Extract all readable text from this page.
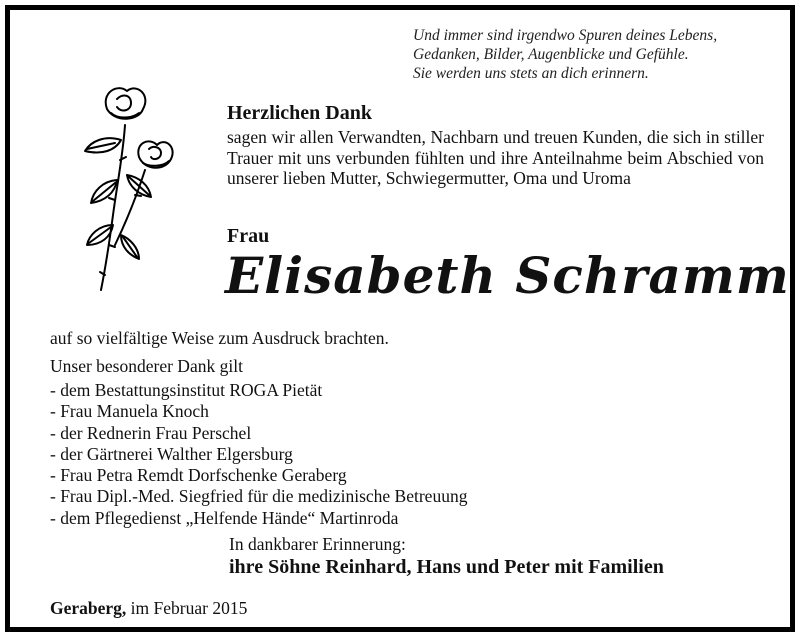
Und immer sind irgendwo Spuren deines Lebens,
Gedanken, Bilder, Augenblicke und Gefühle.
Sie werden uns stets an dich erinnern.
Herzlichen Dank
sagen wir allen Verwandten, Nachbarn und treuen Kunden, die sich in stiller Trauer mit uns verbunden fühlten und ihre Anteilnahme beim Abschied von unserer lieben Mutter, Schwiegermutter, Oma und Uroma
Frau
Elisabeth Schramm
auf so vielfältige Weise zum Ausdruck brachten.
Unser besonderer Dank gilt
- dem Bestattungsinstitut ROGA Pietät
- Frau Manuela Knoch
- der Rednerin Frau Perschel
- der Gärtnerei Walther Elgersburg
- Frau Petra Remdt Dorfschenke Geraberg
- Frau Dipl.-Med. Siegfried für die medizinische Betreuung
- dem Pflegedienst „Helfende Hände“ Martinroda
In dankbarer Erinnerung:
ihre Söhne Reinhard, Hans und Peter mit Familien
Geraberg, im Februar 2015
